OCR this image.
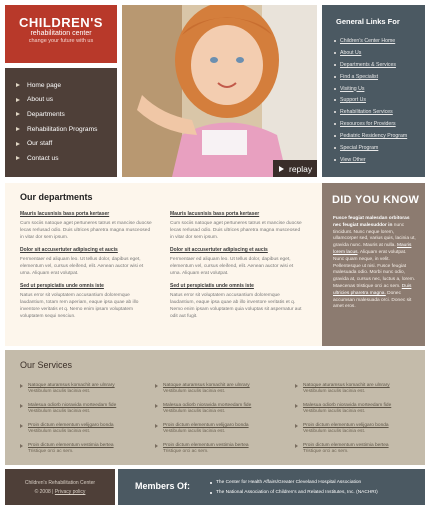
CHILDREN'S
rehabilitation center
change your future with us
Home page
About us
Departments
Rehabilitation Programs
Our staff
Contact us
replay
General Links For
Children's Center Home
About Us
Departments & Services
Find a Specialist
Visiting Us
Support Us
Rehabilitation Services
Resources for Providers
Pediatric Residency Program
Special Program
View Other
Our departments
Mauris lacusnisis bass porta kertaser
Cum sociis natoque aget pertuneres tatrus et mancise duocse lecas rerlusad odio. Duis ultrices pharetra magna musceosed in vitar dor sem ipsum.
Dolor sit accusertuter adipiscing et aucis
Fermentaer ed aliquam leo. Ut tellus dolor, dapibus eget, elementum vel, cursus eleifend, elit. Aenean auctor wisi et urna. Aliquam erat volutpat.
Sed ut perspiciatis unde omnis iste
Natus error sit voluptatem accusantium doloremque laudantium, totam rem aperiam, eaque ipsa quae ab illo inventore veritatis et q. Nemo enim ipsam voluptatem voluptatem sequi nesciun.
Mauris lacusnisis bass porta kertaser
Cum sociis natoque aget pertuneres tatrus et mancise duocse lecas rerlusad odio. Duis ultrices pharetra magna musceosed in vitar dor sem ipsum.
Dolor sit accusertuter adipiscing et aucis
Fermentaer ed aliquam leo. Ut tellus dolor, dapibus eget, elementum vel, cursus eleifend, elit. Aenean auctor wisi et urna. Aliquam erat volutpat.
Sed ut perspiciatis unde omnis iste
Natus error sit voluptatem accusantium doloremque laudantium, eaque ipsa quae ab illo inventore veritatis et q. Nemo enim ipsam voluptatem quia voluptas sit aspernatur aut odit aut fugit.
DID YOU KNOW
Fusce feugiat malesdan orbitoras nec feugiat malesuddor in nunc tincidunt. Nunc neque lorem, ullamcorper sed, varius quis, lacinia ut, gravida nunc. Mauris at nulla. Mauris lorem lacus. Aliquam erat volutpat. Nunc quam neque, in velit. Pellentesque ut nisi. Fusce feugiat malesuada odio. Morbi nunc odio, gravida at, cursus nec, luctus a, lorem. Maecenas tristique orci ac sem. Duis ultricies pharetra magna. Donec accumsan malesuada orci. Donec sit amet eros.
Our Services
Natoque aturamsus komachit are ulnrary
Vestibulum iaculis lacinia est.
Malesua odiorb nioravida morteedam fide
Vestibulum iaculis lacinia est.
Proin dictum elementum velijgaro bonda
Vestibulum iaculis lacinia est.
Proin dictum elementum vestimia bertea
Tristique orci ac sem.
Natoque aturamsus komachit are ulnrary
Vestibulum iaculis lacinia est.
Malesua odiorb nioravida morteedam fide
Vestibulum iaculis lacinia est.
Proin dictum elementum velijgaro bonda
Vestibulum iaculis lacinia est.
Proin dictum elementum vestimia bertea
Tristique orci ac sem.
Natoque aturamsus komachit are ulnrary
Vestibulum iaculis lacinia est.
Malesua odiorb nioravida morteedam fide
Vestibulum iaculis lacinia est.
Proin dictum elementum velijgaro bonda
Vestibulum iaculis lacinia est.
Proin dictum elementum vestimia bertea
Tristique orci ac sem.
Children's Rehabilitation Center
© 2008 | Privacy policy
Members Of:	The Center for Health Affairs/Greater Cleveland Hospital Association
The National Association of Children's and Related Institutes, Inc. (NACHRI)
